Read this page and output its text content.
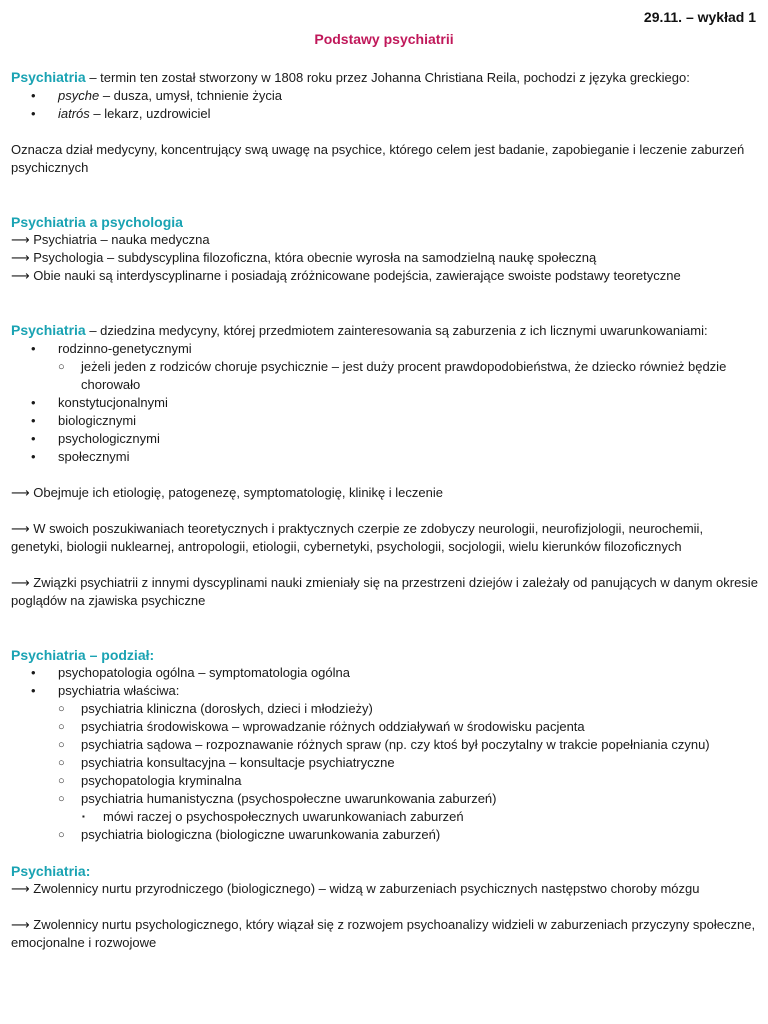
29.11. – wykład 1
Podstawy psychiatrii
Psychiatria – termin ten został stworzony w 1808 roku przez Johanna Christiana Reila, pochodzi z języka greckiego:
• psyche – dusza, umysł, tchnienie życia
• iatrós – lekarz, uzdrowiciel
Oznacza dział medycyny, koncentrujący swą uwagę na psychice, którego celem jest badanie, zapobieganie i leczenie zaburzeń psychicznych
Psychiatria a psychologia
⟶ Psychiatria – nauka medyczna
⟶ Psychologia – subdyscyplina filozoficzna, która obecnie wyrosła na samodzielną naukę społeczną
⟶ Obie nauki są interdyscyplinarne i posiadają zróżnicowane podejścia, zawierające swoiste podstawy teoretyczne
Psychiatria – dziedzina medycyny, której przedmiotem zainteresowania są zaburzenia z ich licznymi uwarunkowaniami:
• rodzinno-genetycznymi
○ jeżeli jeden z rodziców choruje psychicznie – jest duży procent prawdopodobieństwa, że dziecko również będzie chorowało
• konstytucjonalnymi
• biologicznymi
• psychologicznymi
• społecznymi
⟶ Obejmuje ich etiologię, patogenezę, symptomatologię, klinikę i leczenie
⟶ W swoich poszukiwaniach teoretycznych i praktycznych czerpie ze zdobyczy neurologii, neurofizjologii, neurochemii, genetyki, biologii nuklearnej, antropologii, etiologii, cybernetyki, psychologii, socjologii, wielu kierunków filozoficznych
⟶ Związki psychiatrii z innymi dyscyplinami nauki zmieniały się na przestrzeni dziejów i zależały od panujących w danym okresie poglądów na zjawiska psychiczne
Psychiatria – podział:
• psychopatologia ogólna – symptomatologia ogólna
• psychiatria właściwa:
○ psychiatria kliniczna (dorosłych, dzieci i młodzieży)
○ psychiatria środowiskowa – wprowadzanie różnych oddziaływań w środowisku pacjenta
○ psychiatria sądowa – rozpoznawanie różnych spraw (np. czy ktoś był poczytalny w trakcie popełniania czynu)
○ psychiatria konsultacyjna – konsultacje psychiatryczne
○ psychopatologia kryminalna
○ psychiatria humanistyczna (psychospołeczne uwarunkowania zaburzeń)
▪ mówi raczej o psychospołecznych uwarunkowaniach zaburzeń
○ psychiatria biologiczna (biologiczne uwarunkowania zaburzeń)
Psychiatria:
⟶ Zwolennicy nurtu przyrodniczego (biologicznego) – widzą w zaburzeniach psychicznych następstwo choroby mózgu
⟶ Zwolennicy nurtu psychologicznego, który wiązał się z rozwojem psychoanalizy widzieli w zaburzeniach przyczyny społeczne, emocjonalne i rozwojowe
